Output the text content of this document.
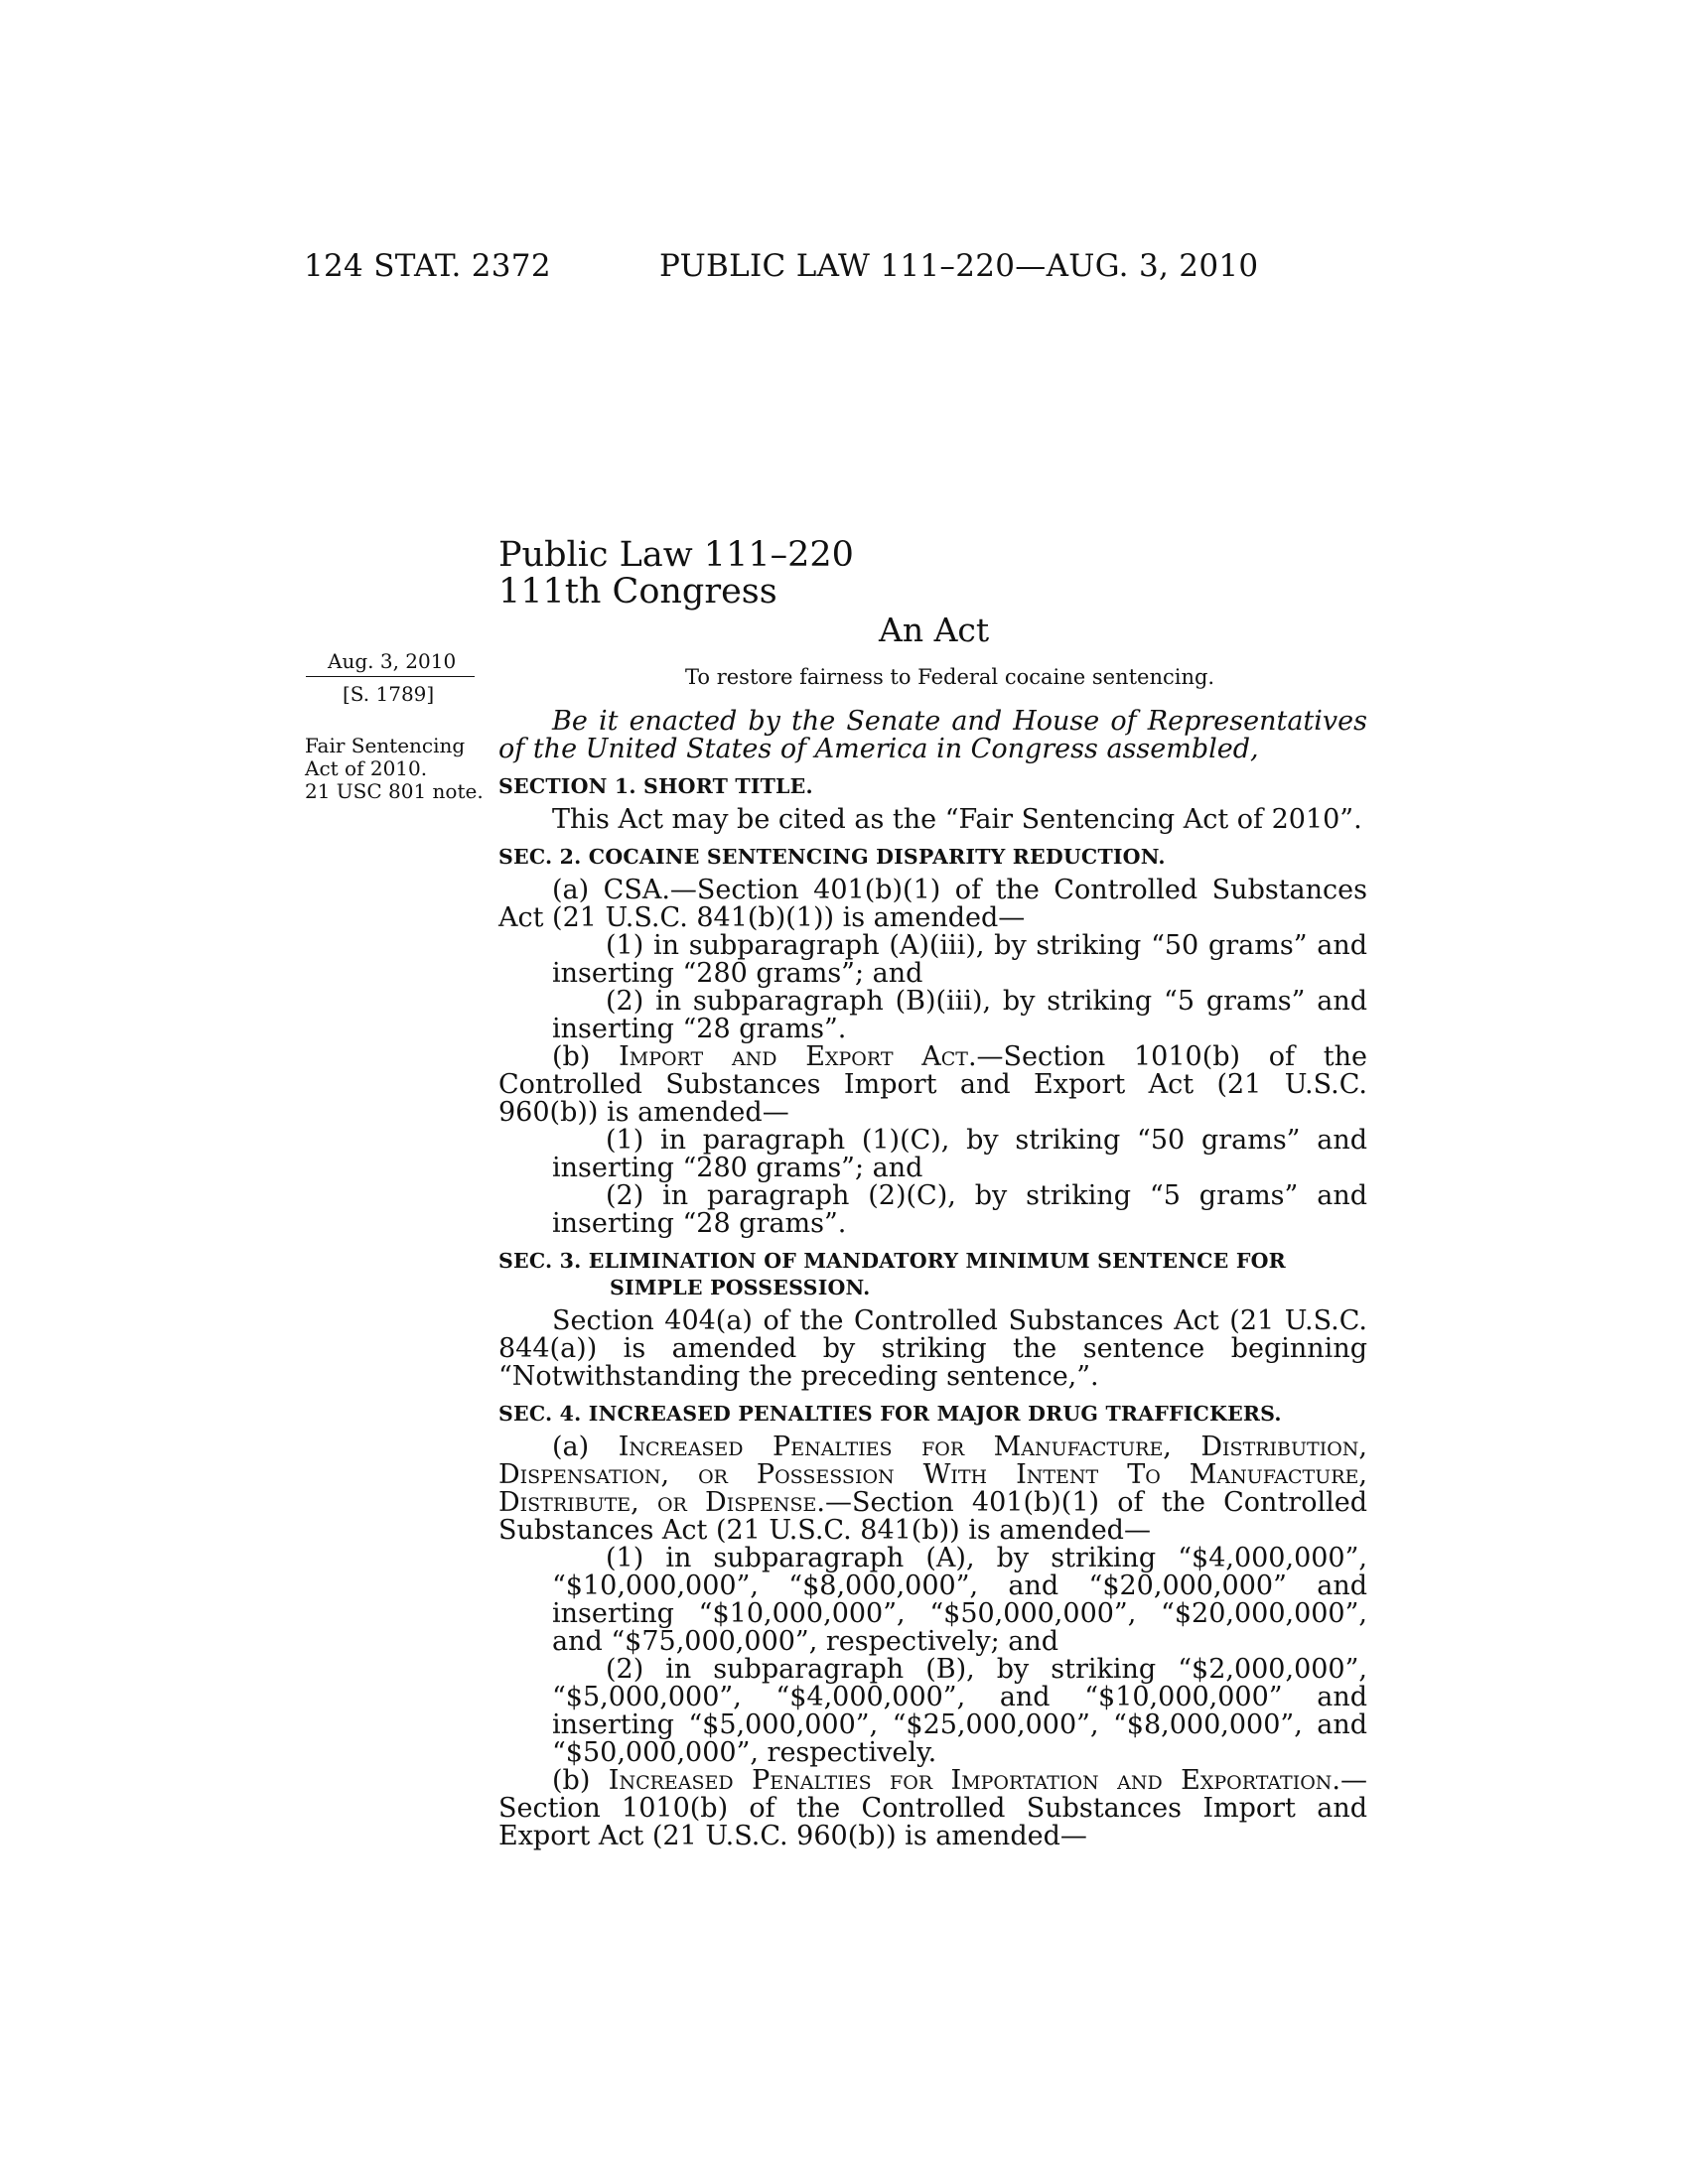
124 STAT. 2372	PUBLIC LAW 111–220—AUG. 3, 2010
Public Law 111–220
111th Congress
An Act
To restore fairness to Federal cocaine sentencing.
Aug. 3, 2010
[S. 1789]
Fair Sentencing
Act of 2010.
21 USC 801 note.

Be it enacted by the Senate and House of Representatives of the United States of America in Congress assembled,

SECTION 1. SHORT TITLE.

This Act may be cited as the “Fair Sentencing Act of 2010”.

SEC. 2. COCAINE SENTENCING DISPARITY REDUCTION.

(a) CSA.—Section 401(b)(1) of the Controlled Substances Act (21 U.S.C. 841(b)(1)) is amended—

(1) in subparagraph (A)(iii), by striking “50 grams” and inserting “280 grams”; and

(2) in subparagraph (B)(iii), by striking “5 grams” and inserting “28 grams”.

(b) Import and Export Act.—Section 1010(b) of the Controlled Substances Import and Export Act (21 U.S.C. 960(b)) is amended—

(1) in paragraph (1)(C), by striking “50 grams” and inserting “280 grams”; and

(2) in paragraph (2)(C), by striking “5 grams” and inserting “28 grams”.

SEC. 3. ELIMINATION OF MANDATORY MINIMUM SENTENCE FOR SIMPLE POSSESSION.

Section 404(a) of the Controlled Substances Act (21 U.S.C. 844(a)) is amended by striking the sentence beginning “Notwithstanding the preceding sentence,”.

SEC. 4. INCREASED PENALTIES FOR MAJOR DRUG TRAFFICKERS.

(a) Increased Penalties for Manufacture, Distribution, Dispensation, or Possession With Intent To Manufacture, Distribute, or Dispense.—Section 401(b)(1) of the Controlled Substances Act (21 U.S.C. 841(b)) is amended—

(1) in subparagraph (A), by striking “$4,000,000”, “$10,000,000”, “$8,000,000”, and “$20,000,000” and inserting “$10,000,000”, “$50,000,000”, “$20,000,000”, and “$75,000,000”, respectively; and

(2) in subparagraph (B), by striking “$2,000,000”, “$5,000,000”, “$4,000,000”, and “$10,000,000” and inserting “$5,000,000”, “$25,000,000”, “$8,000,000”, and “$50,000,000”, respectively.

(b) Increased Penalties for Importation and Exportation.—Section 1010(b) of the Controlled Substances Import and Export Act (21 U.S.C. 960(b)) is amended—
